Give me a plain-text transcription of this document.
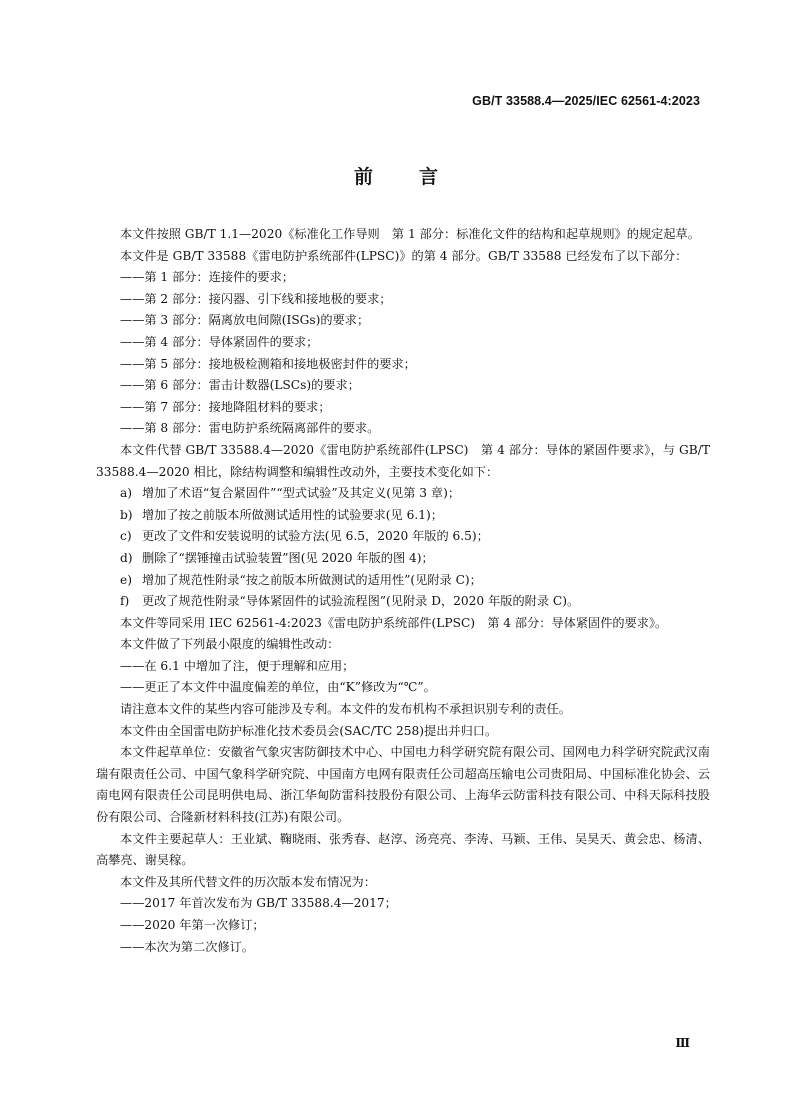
GB/T 33588.4—2025/IEC 62561-4:2023
前 言

本文件按照 GB/T 1.1—2020《标准化工作导则　第 1 部分：标准化文件的结构和起草规则》的规定起草。

本文件是 GB/T 33588《雷电防护系统部件(LPSC)》的第 4 部分。GB/T 33588 已经发布了以下部分：

——第 1 部分：连接件的要求；

——第 2 部分：接闪器、引下线和接地极的要求；

——第 3 部分：隔离放电间隙(ISGs)的要求；

——第 4 部分：导体紧固件的要求；

——第 5 部分：接地极检测箱和接地极密封件的要求；

——第 6 部分：雷击计数器(LSCs)的要求；

——第 7 部分：接地降阻材料的要求；

——第 8 部分：雷电防护系统隔离部件的要求。

本文件代替 GB/T 33588.4—2020《雷电防护系统部件(LPSC)　第 4 部分：导体的紧固件要求》，与 GB/T 33588.4—2020 相比，除结构调整和编辑性改动外，主要技术变化如下：

a) 增加了术语“复合紧固件”“型式试验”及其定义(见第 3 章)；

b) 增加了按之前版本所做测试适用性的试验要求(见 6.1)；

c) 更改了文件和安装说明的试验方法(见 6.5，2020 年版的 6.5)；

d) 删除了“摆锤撞击试验装置”图(见 2020 年版的图 4)；

e) 增加了规范性附录“按之前版本所做测试的适用性”(见附录 C)；

f) 更改了规范性附录“导体紧固件的试验流程图”(见附录 D，2020 年版的附录 C)。

本文件等同采用 IEC 62561-4:2023《雷电防护系统部件(LPSC)　第 4 部分：导体紧固件的要求》。

本文件做了下列最小限度的编辑性改动：

——在 6.1 中增加了注，便于理解和应用；

——更正了本文件中温度偏差的单位，由“K”修改为“℃”。

请注意本文件的某些内容可能涉及专利。本文件的发布机构不承担识别专利的责任。

本文件由全国雷电防护标准化技术委员会(SAC/TC 258)提出并归口。

本文件起草单位：安徽省气象灾害防御技术中心、中国电力科学研究院有限公司、国网电力科学研究院武汉南瑞有限责任公司、中国气象科学研究院、中国南方电网有限责任公司超高压输电公司贵阳局、中国标准化协会、云南电网有限责任公司昆明供电局、浙江华甸防雷科技股份有限公司、上海华云防雷科技有限公司、中科天际科技股份有限公司、合隆新材料科技(江苏)有限公司。

本文件主要起草人：王业斌、鞠晓雨、张秀春、赵淳、汤亮亮、李涛、马颖、王伟、吴昊天、黄会忠、杨清、高攀亮、谢昊稼。

本文件及其所代替文件的历次版本发布情况为：

——2017 年首次发布为 GB/T 33588.4—2017；

——2020 年第一次修订；

——本次为第二次修订。

Ⅲ
